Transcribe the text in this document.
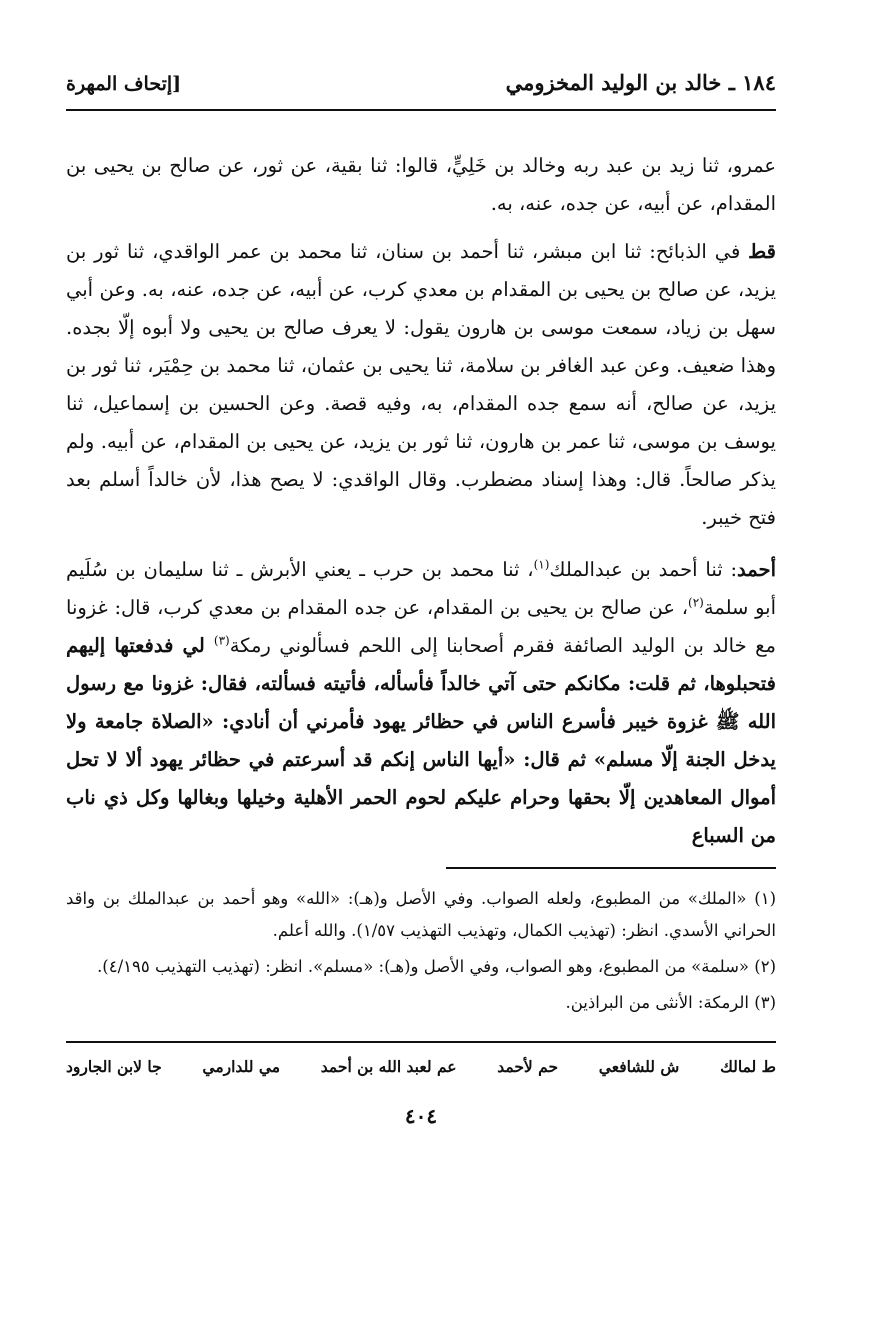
١٨٤ ـ خالد بن الوليد المخزومي
[إتحاف المهرة

عمرو، ثنا زيد بن عبد ربه وخالد بن خَلِيٍّ، قالوا: ثنا بقية، عن ثور، عن صالح بن يحيى بن المقدام، عن أبيه، عن جده، عنه، به.

قط في الذبائح: ثنا ابن مبشر، ثنا أحمد بن سنان، ثنا محمد بن عمر الواقدي، ثنا ثور بن يزيد، عن صالح بن يحيى بن المقدام بن معدي كرب، عن أبيه، عن جده، عنه، به. وعن أبي سهل بن زياد، سمعت موسى بن هارون يقول: لا يعرف صالح بن يحيى ولا أبوه إلّا بجده. وهذا ضعيف. وعن عبد الغافر بن سلامة، ثنا يحيى بن عثمان، ثنا محمد بن حِمْيَر، ثنا ثور بن يزيد، عن صالح، أنه سمع جده المقدام، به، وفيه قصة. وعن الحسين بن إسماعيل، ثنا يوسف بن موسى، ثنا عمر بن هارون، ثنا ثور بن يزيد، عن يحيى بن المقدام، عن أبيه. ولم يذكر صالحاً. قال: وهذا إسناد مضطرب. وقال الواقدي: لا يصح هذا، لأن خالداً أسلم بعد فتح خيبر.

أحمد: ثنا أحمد بن عبدالملك$^{(١)}$، ثنا محمد بن حرب ـ يعني الأبرش ـ ثنا سليمان بن سُلَيم أبو سلمة$^{(٢)}$، عن صالح بن يحيى بن المقدام، عن جده المقدام بن معدي كرب، قال: غزونا مع خالد بن الوليد الصائفة فقرم أصحابنا إلى اللحم فسألوني رمكة$^{(٣)}$ لي فدفعتها إليهم فتحبلوها، ثم قلت: مكانكم حتى آتي خالداً فأسأله، فأتيته فسألته، فقال: غزونا مع رسول الله ﷺ غزوة خيبر فأسرع الناس في حظائر يهود فأمرني أن أنادي: «الصلاة جامعة ولا يدخل الجنة إلّا مسلم» ثم قال: «أيها الناس إنكم قد أسرعتم في حظائر يهود ألا لا تحل أموال المعاهدين إلّا بحقها وحرام عليكم لحوم الحمر الأهلية وخيلها وبغالها وكل ذي ناب من السباع

(١) «الملك» من المطبوع، ولعله الصواب. وفي الأصل و(هـ): «الله» وهو أحمد بن عبدالملك بن واقد الحراني الأسدي. انظر: (تهذيب الكمال، وتهذيب التهذيب ١/٥٧). والله أعلم.

(٢) «سلمة» من المطبوع، وهو الصواب، وفي الأصل و(هـ): «مسلم». انظر: (تهذيب التهذيب ٤/١٩٥).

(٣) الرمكة: الأنثى من البراذين.

ط لمالك
ش للشافعي
حم لأحمد
عم لعبد الله بن أحمد
مي للدارمي
جا لابن الجارود
٤٠٤
